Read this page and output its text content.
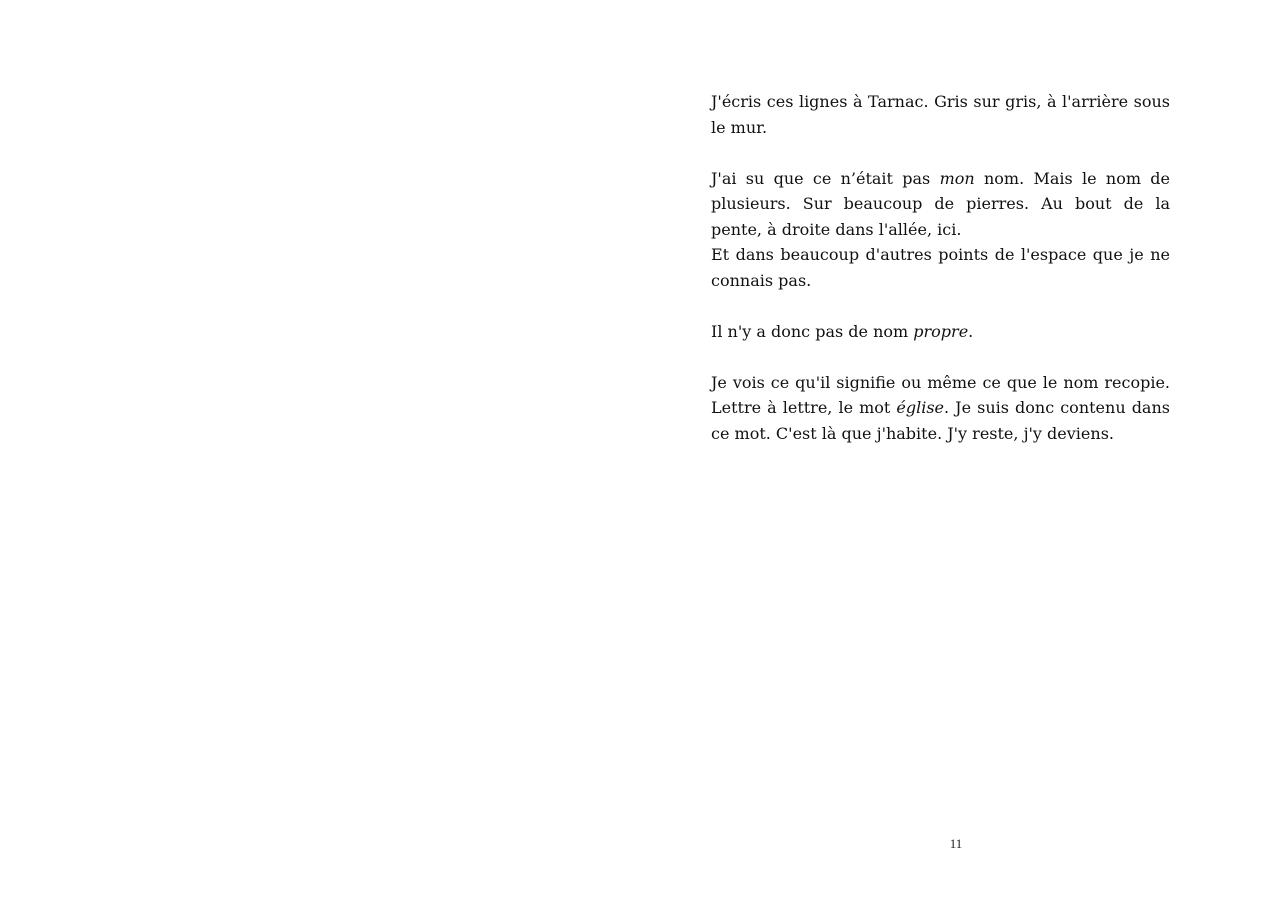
J'écris ces lignes à Tarnac. Gris sur gris, à l'arrière sous le mur.

J'ai su que ce n’était pas mon nom. Mais le nom de plusieurs. Sur beaucoup de pierres. Au bout de la pente, à droite dans l'allée, ici.

Et dans beaucoup d'autres points de l'espace que je ne connais pas.

Il n'y a donc pas de nom propre.

Je vois ce qu'il signifie ou même ce que le nom recopie. Lettre à lettre, le mot église. Je suis donc contenu dans ce mot. C'est là que j'habite. J'y reste, j'y deviens.

11
